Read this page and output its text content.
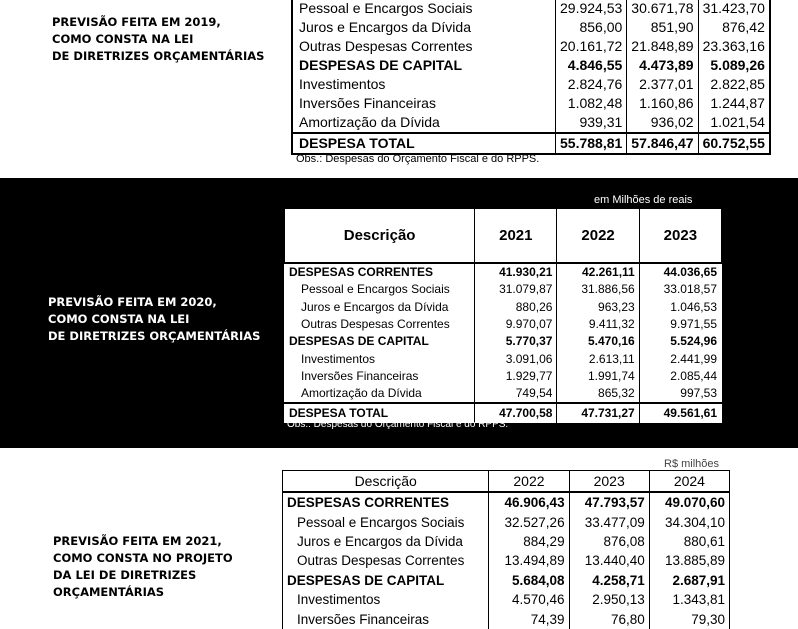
PREVISÃO FEITA EM 2019,
COMO CONSTA NA LEI
DE DIRETRIZES ORÇAMENTÁRIAS
Pessoal e Encargos Sociais	29.924,53	30.671,78	31.423,70
Juros e Encargos da Dívida	856,00	851,90	876,42
Outras Despesas Correntes	20.161,72	21.848,89	23.363,16
DESPESAS DE CAPITAL	4.846,55	4.473,89	5.089,26
Investimentos	2.824,76	2.377,01	2.822,85
Inversões Financeiras	1.082,48	1.160,86	1.244,87
Amortização da Dívida	939,31	936,02	1.021,54
DESPESA TOTAL	55.788,81	57.846,47	60.752,55
Obs.: Despesas do Orçamento Fiscal e do RPPS.
PREVISÃO FEITA EM 2020,
COMO CONSTA NA LEI
DE DIRETRIZES ORÇAMENTÁRIAS
em Milhões de reais
Descrição	2021	2022	2023
DESPESAS CORRENTES	41.930,21	42.261,11	44.036,65
Pessoal e Encargos Sociais	31.079,87	31.886,56	33.018,57
Juros e Encargos da Dívida	880,26	963,23	1.046,53
Outras Despesas Correntes	9.970,07	9.411,32	9.971,55
DESPESAS DE CAPITAL	5.770,37	5.470,16	5.524,96
Investimentos	3.091,06	2.613,11	2.441,99
Inversões Financeiras	1.929,77	1.991,74	2.085,44
Amortização da Dívida	749,54	865,32	997,53
DESPESA TOTAL	47.700,58	47.731,27	49.561,61
Obs.: Despesas do Orçamento Fiscal e do RPPS.
PREVISÃO FEITA EM 2021,
COMO CONSTA NO PROJETO
DA LEI DE DIRETRIZES
ORÇAMENTÁRIAS
R$ milhões
Descrição	2022	2023	2024
DESPESAS CORRENTES	46.906,43	47.793,57	49.070,60
Pessoal e Encargos Sociais	32.527,26	33.477,09	34.304,10
Juros e Encargos da Dívida	884,29	876,08	880,61
Outras Despesas Correntes	13.494,89	13.440,40	13.885,89
DESPESAS DE CAPITAL	5.684,08	4.258,71	2.687,91
Investimentos	4.570,46	2.950,13	1.343,81
Inversões Financeiras	74,39	76,80	79,30
